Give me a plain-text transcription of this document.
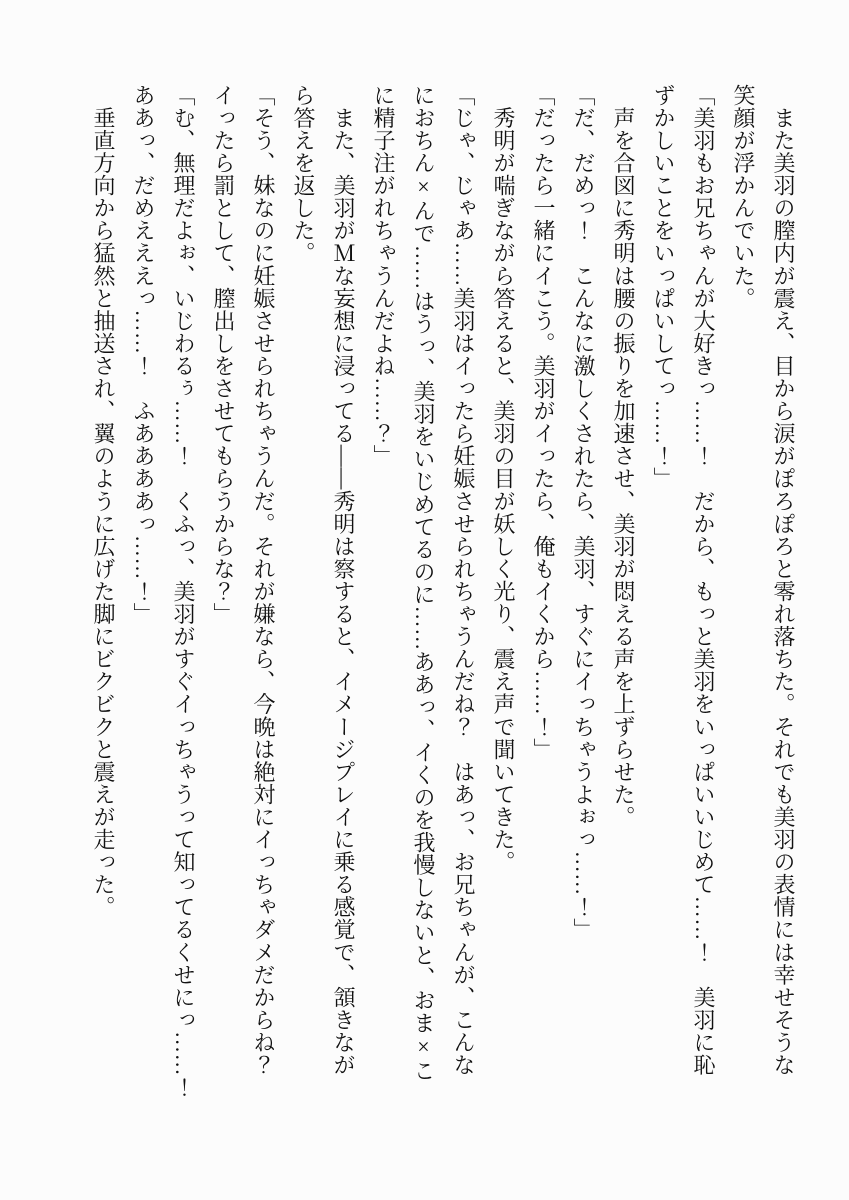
　また美羽の膣内が震え、目から涙がぽろぽろと零れ落ちた。それでも美羽の表情には幸せそうな

笑顔が浮かんでいた。

「美羽もお兄ちゃんが大好きっ……！　だから、もっと美羽をいっぱいいじめて……！　美羽に恥

ずかしいことをいっぱいしてっ……！」

　声を合図に秀明は腰の振りを加速させ、美羽が悶える声を上ずらせた。

「だ、だめっ！　こんなに激しくされたら、美羽、すぐにイっちゃうよぉっ……！」

「だったら一緒にイこう。美羽がイったら、俺もイくから……！」

　秀明が喘ぎながら答えると、美羽の目が妖しく光り、震え声で聞いてきた。

「じゃ、じゃあ……美羽はイったら妊娠させられちゃうんだね？　はあっ、お兄ちゃんが、こんな

におちん×んで……はうっ、美羽をいじめてるのに……ああっ、イくのを我慢しないと、おま×こ

に精子注がれちゃうんだよね……？」

　また、美羽がＭな妄想に浸ってる――秀明は察すると、イメージプレイに乗る感覚で、頷きなが

ら答えを返した。

「そう、妹なのに妊娠させられちゃうんだ。それが嫌なら、今晩は絶対にイっちゃダメだからね？

イったら罰として、膣出しをさせてもらうからな？」

「む、無理だよぉ、いじわるぅ……！　くふっ、美羽がすぐイっちゃうって知ってるくせにっ……！

ああっ、だめえええっ……！　ふああああっ……！」

　垂直方向から猛然と抽送され、翼のように広げた脚にビクビクと震えが走った。
